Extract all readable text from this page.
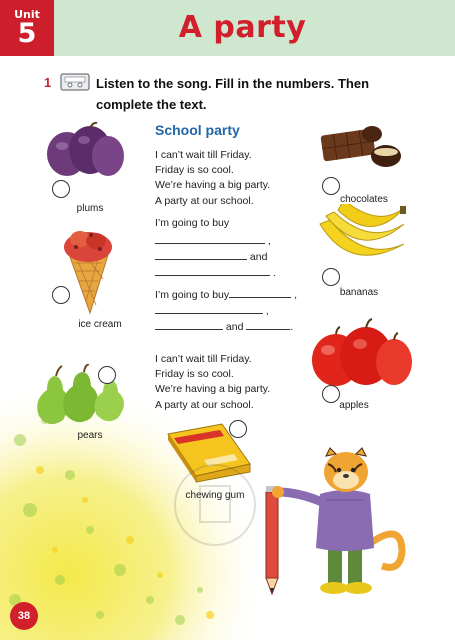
Unit
5	A party
1	Listen to the song. Fill in the numbers. Then
complete the text.
School party
I can’t wait till Friday.
Friday is so cool.
We’re having a big party.
A party at our school.
I’m going to buy
,
and
.
I’m going to buy	,
,
and	.
I can’t wait till Friday.
Friday is so cool.
We’re having a big party.
A party at our school.
plums
ice cream
pears
chocolates
bananas
apples
chewing gum
38
